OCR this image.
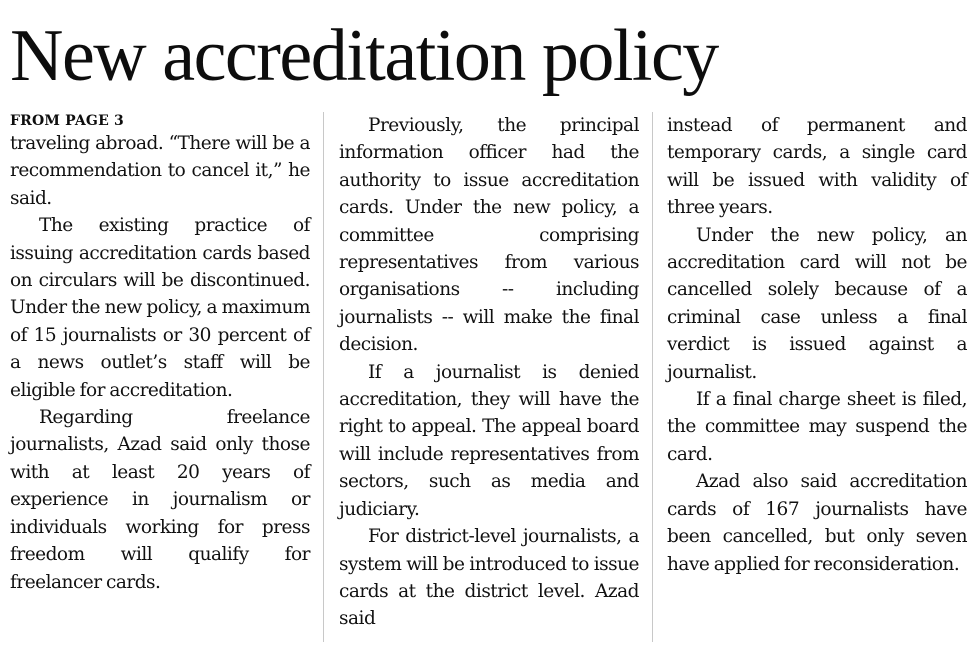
New accreditation policy
FROM PAGE 3

traveling abroad. “There will be a recommendation to cancel it,” he said.

The existing practice of issuing accreditation cards based on circulars will be discontinued. Under the new policy, a maximum of 15 journalists or 30 percent of a news outlet’s staff will be eligible for accreditation.

Regarding freelance journalists, Azad said only those with at least 20 years of experience in journalism or individuals working for press freedom will qualify for freelancer cards.

Previously, the principal information officer had the authority to issue accreditation cards. Under the new policy, a committee comprising representatives from various organisations -- including journalists -- will make the final decision.

If a journalist is denied accreditation, they will have the right to appeal. The appeal board will include representatives from sectors, such as media and judiciary.

For district-level journalists, a system will be introduced to issue cards at the district level. Azad said

instead of permanent and temporary cards, a single card will be issued with validity of three years.

Under the new policy, an accreditation card will not be cancelled solely because of a criminal case unless a final verdict is issued against a journalist.

If a final charge sheet is filed, the committee may suspend the card.

Azad also said accreditation cards of 167 journalists have been cancelled, but only seven have applied for reconsideration.
